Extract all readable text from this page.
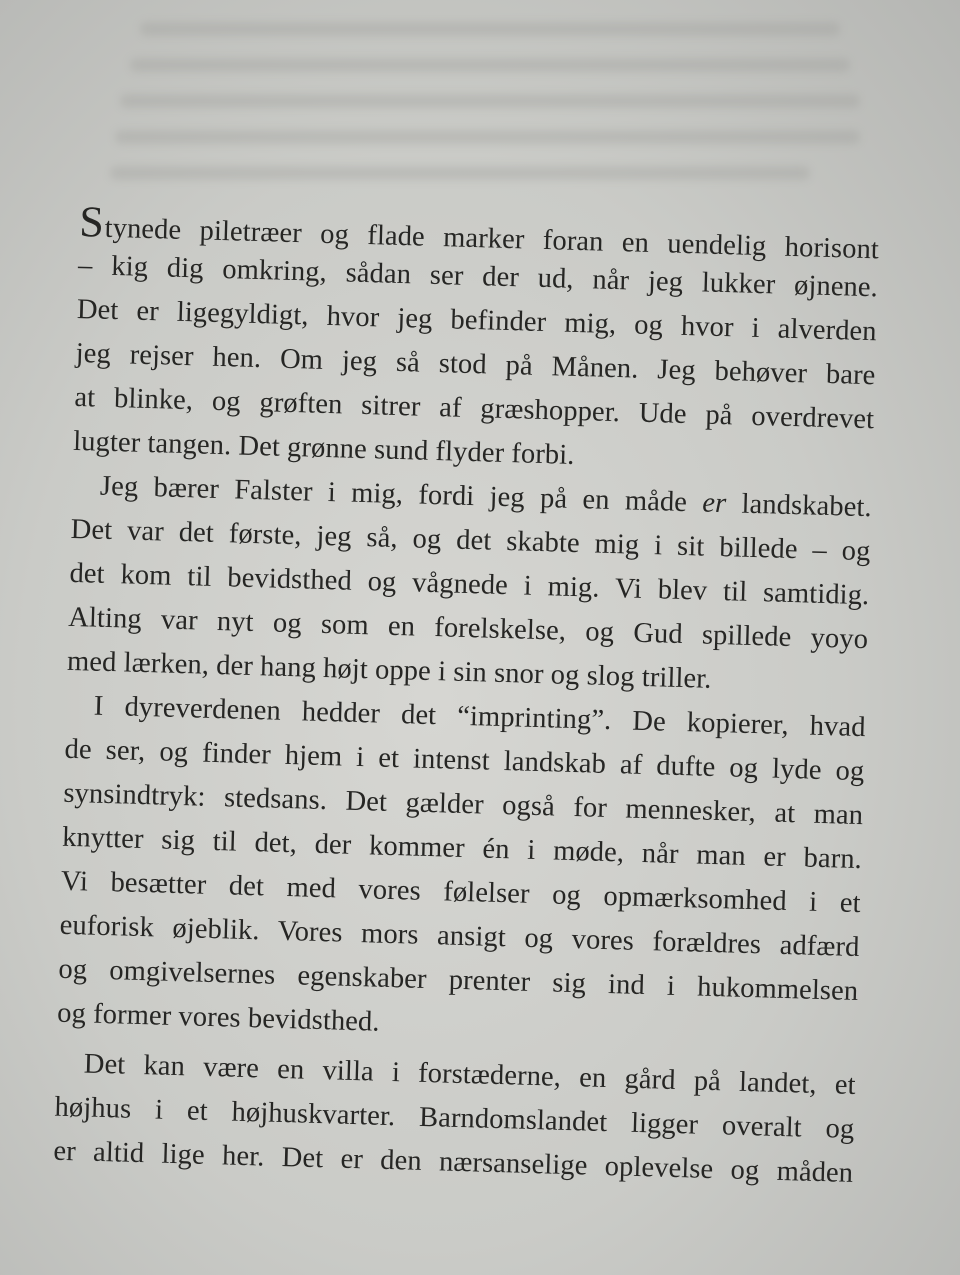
Stynede piletræer og flade marker foran en uendelig horisont
– kig dig omkring, sådan ser der ud, når jeg lukker øjnene.
Det er ligegyldigt, hvor jeg befinder mig, og hvor i alverden
jeg rejser hen. Om jeg så stod på Månen. Jeg behøver bare
at blinke, og grøften sitrer af græshopper. Ude på overdrevet
lugter tangen. Det grønne sund flyder forbi.
Jeg bærer Falster i mig, fordi jeg på en måde er landskabet.
Det var det første, jeg så, og det skabte mig i sit billede – og
det kom til bevidsthed og vågnede i mig. Vi blev til samtidig.
Alting var nyt og som en forelskelse, og Gud spillede yoyo
med lærken, der hang højt oppe i sin snor og slog triller.
I dyreverdenen hedder det “imprinting”. De kopierer, hvad
de ser, og finder hjem i et intenst landskab af dufte og lyde og
synsindtryk: stedsans. Det gælder også for mennesker, at man
knytter sig til det, der kommer én i møde, når man er barn.
Vi besætter det med vores følelser og opmærksomhed i et
euforisk øjeblik. Vores mors ansigt og vores forældres adfærd
og omgivelsernes egenskaber prenter sig ind i hukommelsen
og former vores bevidsthed.
Det kan være en villa i forstæderne, en gård på landet, et
højhus i et højhuskvarter. Barndomslandet ligger overalt og
er altid lige her. Det er den nærsanselige oplevelse og måden
